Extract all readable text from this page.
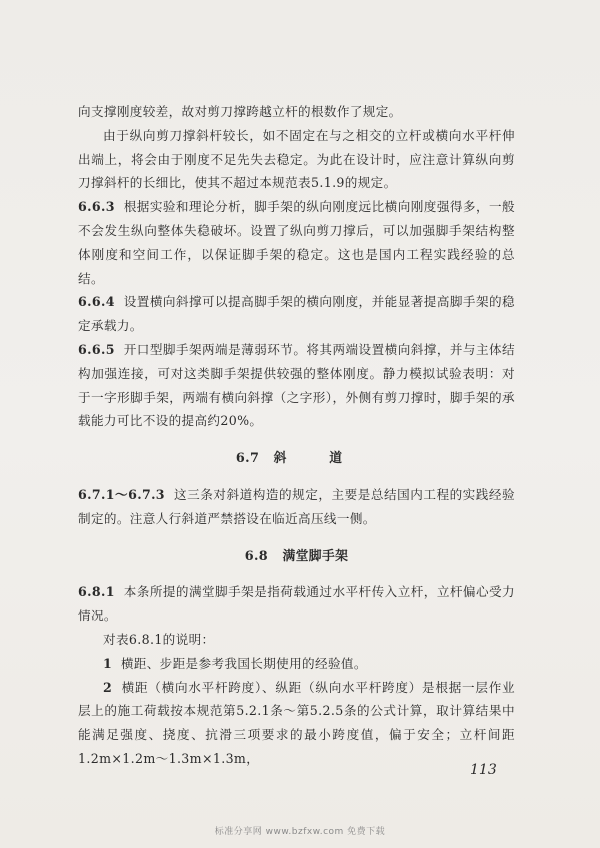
向支撑刚度较差，故对剪刀撑跨越立杆的根数作了规定。

由于纵向剪刀撑斜杆较长，如不固定在与之相交的立杆或横向水平杆伸出端上，将会由于刚度不足先失去稳定。为此在设计时，应注意计算纵向剪刀撑斜杆的长细比，使其不超过本规范表5.1.9的规定。

6.6.3 根据实验和理论分析，脚手架的纵向刚度远比横向刚度强得多，一般不会发生纵向整体失稳破坏。设置了纵向剪刀撑后，可以加强脚手架结构整体刚度和空间工作，以保证脚手架的稳定。这也是国内工程实践经验的总结。

6.6.4 设置横向斜撑可以提高脚手架的横向刚度，并能显著提高脚手架的稳定承载力。

6.6.5 开口型脚手架两端是薄弱环节。将其两端设置横向斜撑，并与主体结构加强连接，可对这类脚手架提供较强的整体刚度。静力模拟试验表明：对于一字形脚手架，两端有横向斜撑（之字形），外侧有剪刀撑时，脚手架的承载能力可比不设的提高约20%。

6.7 斜　道

6.7.1～6.7.3 这三条对斜道构造的规定，主要是总结国内工程的实践经验制定的。注意人行斜道严禁搭设在临近高压线一侧。

6.8 满堂脚手架

6.8.1 本条所提的满堂脚手架是指荷载通过水平杆传入立杆，立杆偏心受力情况。

对表6.8.1的说明：

1 横距、步距是参考我国长期使用的经验值。

2 横距（横向水平杆跨度）、纵距（纵向水平杆跨度）是根据一层作业层上的施工荷载按本规范第5.2.1条～第5.2.5条的公式计算，取计算结果中能满足强度、挠度、抗滑三项要求的最小跨度值，偏于安全；立杆间距1.2m×1.2m～1.3m×1.3m，

113
标准分享网 www.bzfxw.com 免费下载
